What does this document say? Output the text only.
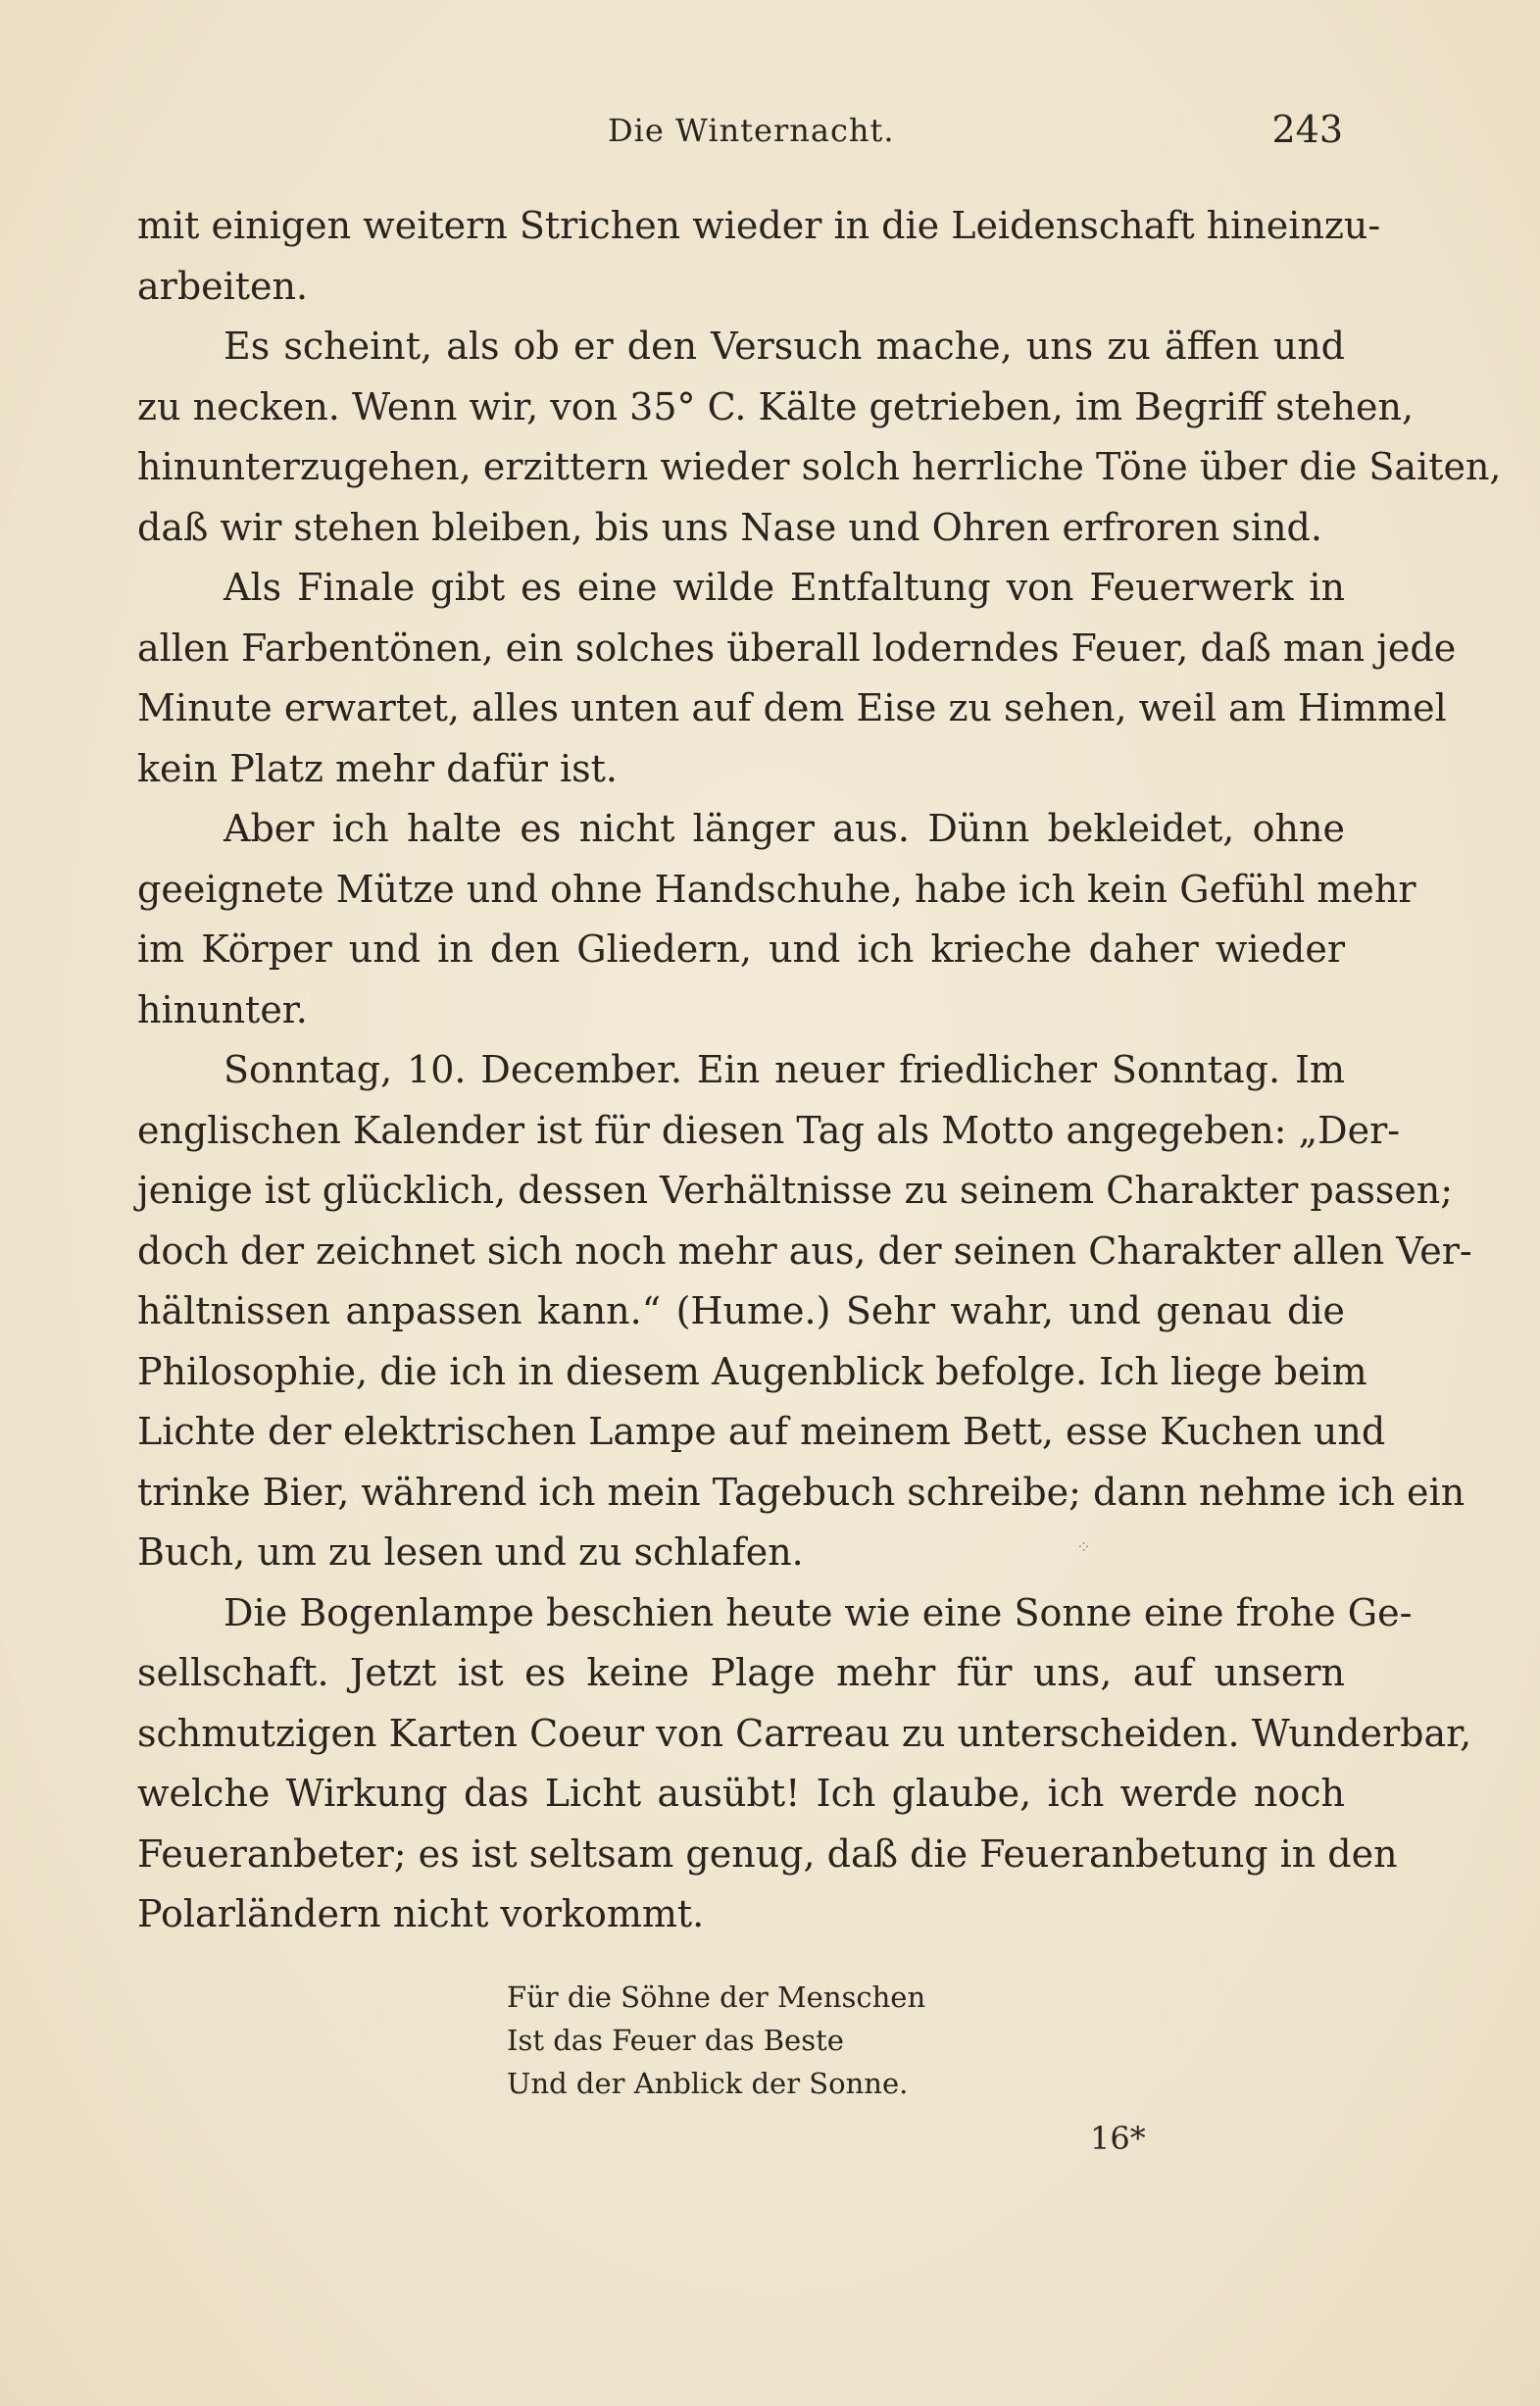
Die Winternacht.	243
mit einigen weitern Strichen wieder in die Leidenschaft hineinzu-
arbeiten.
Es scheint, als ob er den Versuch mache, uns zu äffen und
zu necken. Wenn wir, von 35° C. Kälte getrieben, im Begriff stehen,
hinunterzugehen, erzittern wieder solch herrliche Töne über die Saiten,
daß wir stehen bleiben, bis uns Nase und Ohren erfroren sind.
Als Finale gibt es eine wilde Entfaltung von Feuerwerk in
allen Farbentönen, ein solches überall loderndes Feuer, daß man jede
Minute erwartet, alles unten auf dem Eise zu sehen, weil am Himmel
kein Platz mehr dafür ist.
Aber ich halte es nicht länger aus. Dünn bekleidet, ohne
geeignete Mütze und ohne Handschuhe, habe ich kein Gefühl mehr
im Körper und in den Gliedern, und ich krieche daher wieder
hinunter.
Sonntag, 10. December. Ein neuer friedlicher Sonntag. Im
englischen Kalender ist für diesen Tag als Motto angegeben: „Der-
jenige ist glücklich, dessen Verhältnisse zu seinem Charakter passen;
doch der zeichnet sich noch mehr aus, der seinen Charakter allen Ver-
hältnissen anpassen kann.“ (Hume.) Sehr wahr, und genau die
Philosophie, die ich in diesem Augenblick befolge. Ich liege beim
Lichte der elektrischen Lampe auf meinem Bett, esse Kuchen und
trinke Bier, während ich mein Tagebuch schreibe; dann nehme ich ein
Buch, um zu lesen und zu schlafen.
Die Bogenlampe beschien heute wie eine Sonne eine frohe Ge-
sellschaft. Jetzt ist es keine Plage mehr für uns, auf unsern
schmutzigen Karten Coeur von Carreau zu unterscheiden. Wunderbar,
welche Wirkung das Licht ausübt! Ich glaube, ich werde noch
Feueranbeter; es ist seltsam genug, daß die Feueranbetung in den
Polarländern nicht vorkommt.
⁘
Für die Söhne der Menschen
Ist das Feuer das Beste
Und der Anblick der Sonne.
16*
